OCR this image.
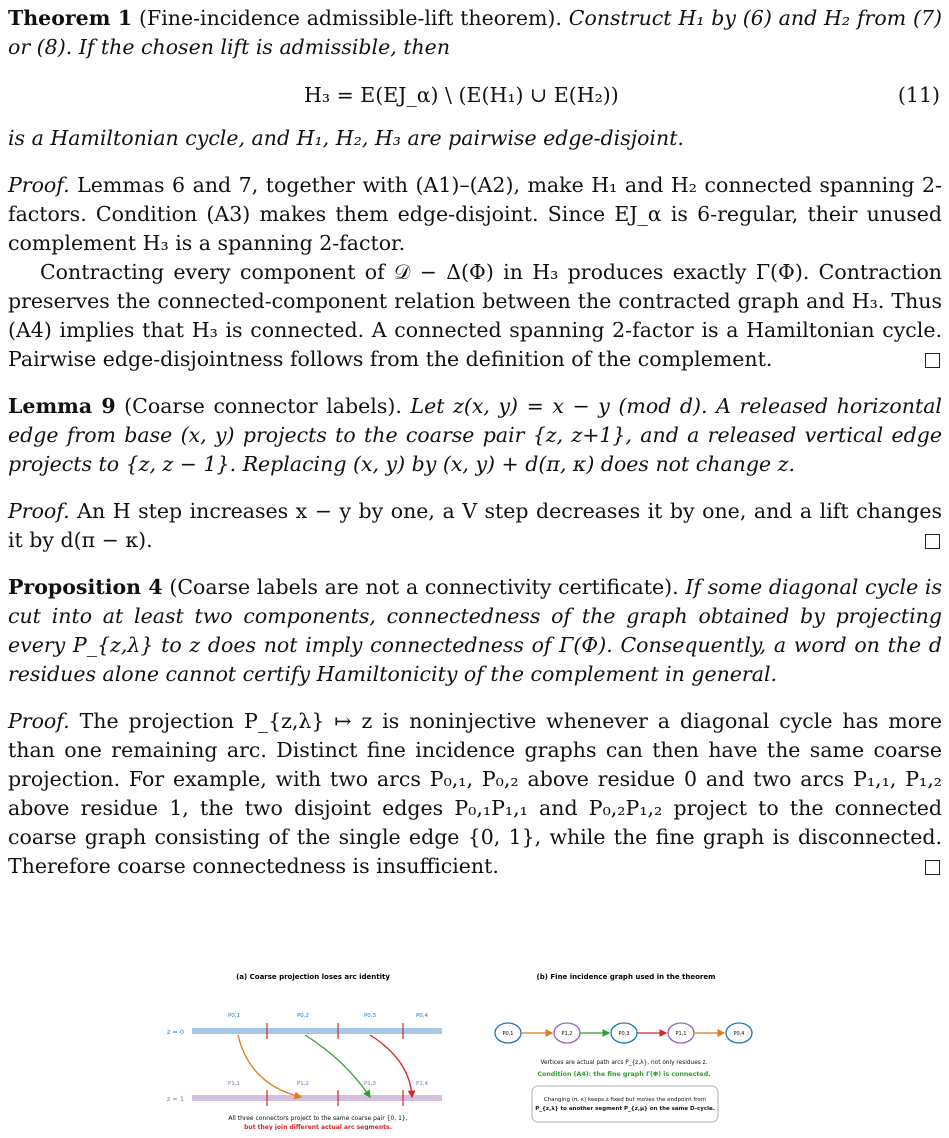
Theorem 1 (Fine-incidence admissible-lift theorem). Construct H₁ by (6) and H₂ from (7) or (8). If the chosen lift is admissible, then

H₃ = E(EJ_α) \ (E(H₁) ∪ E(H₂))	(11)

is a Hamiltonian cycle, and H₁, H₂, H₃ are pairwise edge-disjoint.

Proof. Lemmas 6 and 7, together with (A1)–(A2), make H₁ and H₂ connected spanning 2-factors. Condition (A3) makes them edge-disjoint. Since EJ_α is 6-regular, their unused complement H₃ is a spanning 2-factor.

Contracting every component of 𝒟 − Δ(Φ) in H₃ produces exactly Γ(Φ). Contraction preserves the connected-component relation between the contracted graph and H₃. Thus (A4) implies that H₃ is connected. A connected spanning 2-factor is a Hamiltonian cycle. Pairwise edge-disjointness follows from the definition of the complement.

Lemma 9 (Coarse connector labels). Let z(x, y) = x − y (mod d). A released horizontal edge from base (x, y) projects to the coarse pair {z, z+1}, and a released vertical edge projects to {z, z − 1}. Replacing (x, y) by (x, y) + d(π, κ) does not change z.

Proof. An H step increases x − y by one, a V step decreases it by one, and a lift changes it by d(π − κ).

Proposition 4 (Coarse labels are not a connectivity certificate). If some diagonal cycle is cut into at least two components, connectedness of the graph obtained by projecting every P_{z,λ} to z does not imply connectedness of Γ(Φ). Consequently, a word on the d residues alone cannot certify Hamiltonicity of the complement in general.

Proof. The projection P_{z,λ} ↦ z is noninjective whenever a diagonal cycle has more than one remaining arc. Distinct fine incidence graphs can then have the same coarse projection. For example, with two arcs P₀,₁, P₀,₂ above residue 0 and two arcs P₁,₁, P₁,₂ above residue 1, the two disjoint edges P₀,₁P₁,₁ and P₀,₂P₁,₂ project to the connected coarse graph consisting of the single edge {0, 1}, while the fine graph is disconnected. Therefore coarse connectedness is insufficient.

(a) Coarse projection loses arc identity
z = 0
z = 1
P0,1	P0,2	P0,3	P0,4
P1,1	P1,2	P1,3	P1,4
All three connectors project to the same coarse pair {0, 1},
but they join different actual arc segments.
(b) Fine incidence graph used in the theorem
P0,1	P1,2	P0,3	P1,1	P0,4
Vertices are actual path arcs P_{z,λ}, not only residues z.
Condition (A4): the fine graph Γ(Φ) is connected.
Changing (π, κ) keeps z fixed but moves the endpoint from
P_{z,λ} to another segment P_{z,μ} on the same D-cycle.
